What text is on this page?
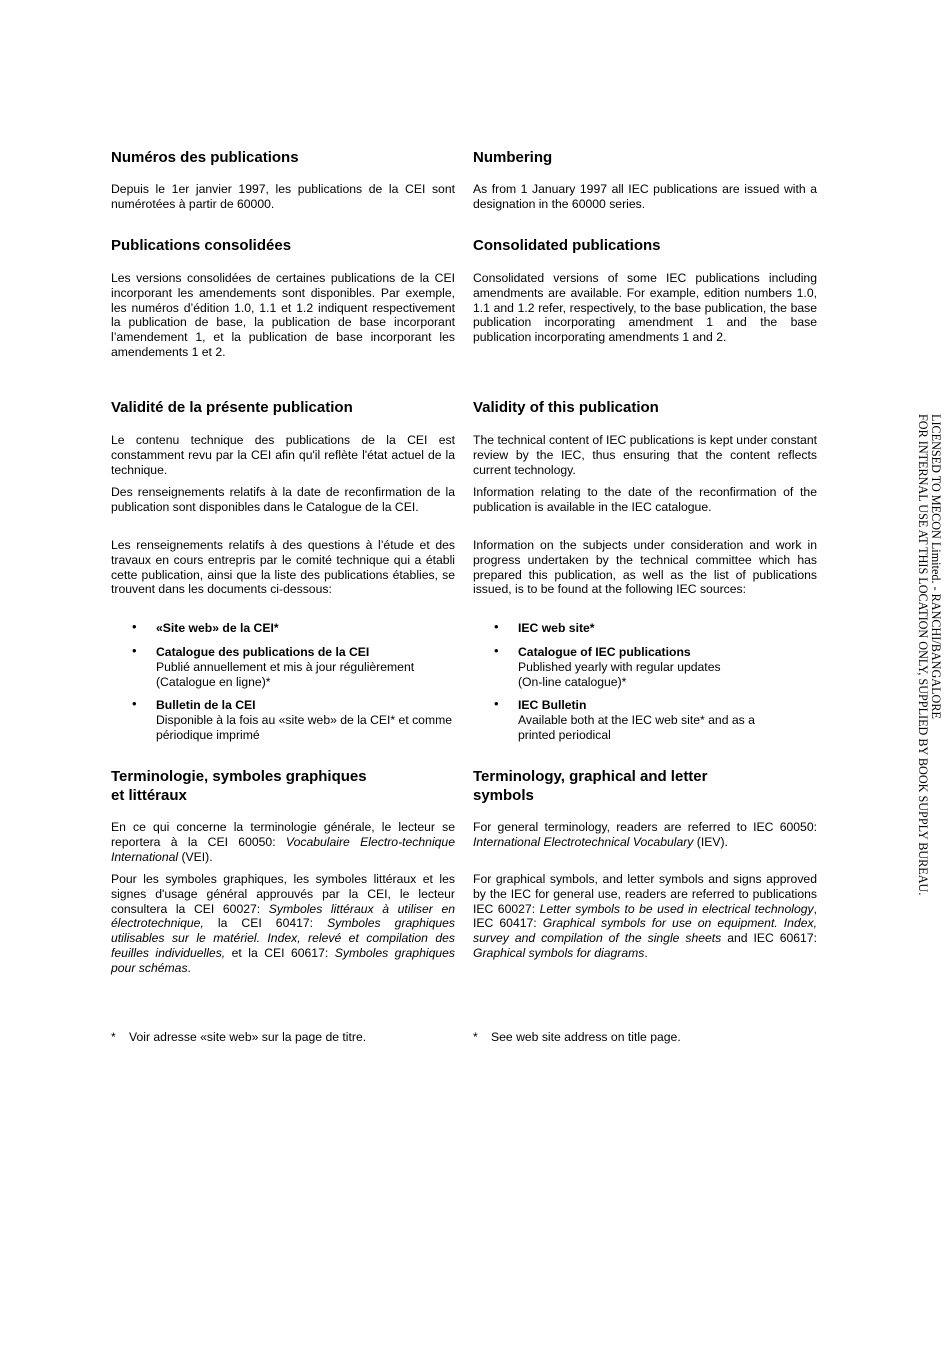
Numéros des publications

Depuis le 1er janvier 1997, les publications de la CEI sont numérotées à partir de 60000.

Publications consolidées

Les versions consolidées de certaines publications de la CEI incorporant les amendements sont disponibles. Par exemple, les numéros d’édition 1.0, 1.1 et 1.2 indiquent respectivement la publication de base, la publication de base incorporant l’amendement 1, et la publication de base incorporant les amendements 1 et 2.

Validité de la présente publication

Le contenu technique des publications de la CEI est constamment revu par la CEI afin qu'il reflète l'état actuel de la technique.

Des renseignements relatifs à la date de reconfirmation de la publication sont disponibles dans le Catalogue de la CEI.

Les renseignements relatifs à des questions à l’étude et des travaux en cours entrepris par le comité technique qui a établi cette publication, ainsi que la liste des publications établies, se trouvent dans les documents ci-dessous:

• «Site web» de la CEI*
• Catalogue des publications de la CEI
Publié annuellement et mis à jour régulièrement
(Catalogue en ligne)*
• Bulletin de la CEI
Disponible à la fois au «site web» de la CEI* et comme périodique imprimé
Terminologie, symboles graphiques
et littéraux

En ce qui concerne la terminologie générale, le lecteur se reportera à la CEI 60050: Vocabulaire Electro-technique International (VEI).

Pour les symboles graphiques, les symboles littéraux et les signes d'usage général approuvés par la CEI, le lecteur consultera la CEI 60027: Symboles littéraux à utiliser en électrotechnique, la CEI 60417: Symboles graphiques utilisables sur le matériel. Index, relevé et compilation des feuilles individuelles, et la CEI 60617: Symboles graphiques pour schémas.

* Voir adresse «site web» sur la page de titre.
Numbering

As from 1 January 1997 all IEC publications are issued with a designation in the 60000 series.

Consolidated publications

Consolidated versions of some IEC publications including amendments are available. For example, edition numbers 1.0, 1.1 and 1.2 refer, respectively, to the base publication, the base publication incorporating amendment 1 and the base publication incorporating amendments 1 and 2.

Validity of this publication

The technical content of IEC publications is kept under constant review by the IEC, thus ensuring that the content reflects current technology.

Information relating to the date of the reconfirmation of the publication is available in the IEC catalogue.

Information on the subjects under consideration and work in progress undertaken by the technical committee which has prepared this publication, as well as the list of publications issued, is to be found at the following IEC sources:

• IEC web site*
• Catalogue of IEC publications
Published yearly with regular updates
(On-line catalogue)*
• IEC Bulletin
Available both at the IEC web site* and as a
printed periodical
Terminology, graphical and letter
symbols

For general terminology, readers are referred to IEC 60050: International Electrotechnical Vocabulary (IEV).

For graphical symbols, and letter symbols and signs approved by the IEC for general use, readers are referred to publications IEC 60027: Letter symbols to be used in electrical technology, IEC 60417: Graphical symbols for use on equipment. Index, survey and compilation of the single sheets and IEC 60617: Graphical symbols for diagrams.

* See web site address on title page.
LICENSED TO MECON Limited. - RANCHI/BANGALORE
FOR INTERNAL USE AT THIS LOCATION ONLY, SUPPLIED BY BOOK SUPPLY BUREAU.
